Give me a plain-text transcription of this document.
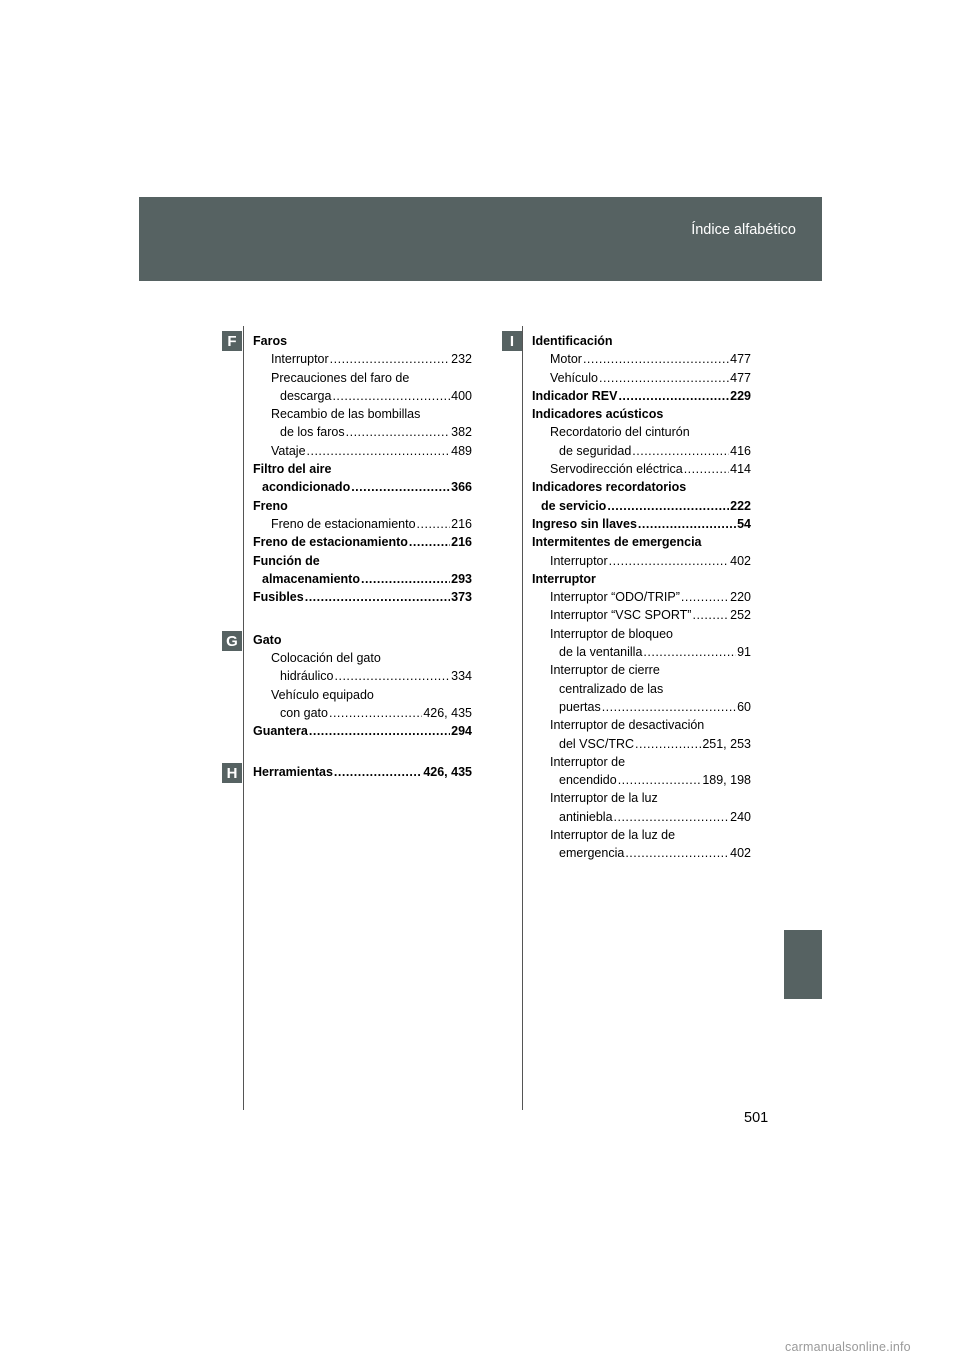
Índice alfabético
F
G
H
I
Faros
Interruptor .....	232
Precauciones del faro de
descarga .....	400
Recambio de las bombillas
de los faros .....	382
Vataje .....	489
Filtro del aire
acondicionado .....	366
Freno
Freno de estacionamiento .....	216
Freno de estacionamiento .....	216
Función de
almacenamiento .....	293
Fusibles .....	373
Gato
Colocación del gato
hidráulico .....	334
Vehículo equipado
con gato .....	426, 435
Guantera .....	294
Herramientas .....	426, 435
Identificación
Motor .....	477
Vehículo .....	477
Indicador REV .....	229
Indicadores acústicos
Recordatorio del cinturón
de seguridad .....	416
Servodirección eléctrica .....	414
Indicadores recordatorios
de servicio .....	222
Ingreso sin llaves .....	54
Intermitentes de emergencia
Interruptor .....	402
Interruptor
Interruptor “ODO/TRIP” .....	220
Interruptor “VSC SPORT” .....	252
Interruptor de bloqueo
de la ventanilla .....	91
Interruptor de cierre
centralizado de las
puertas .....	60
Interruptor de desactivación
del VSC/TRC .....	251, 253
Interruptor de
encendido .....	189, 198
Interruptor de la luz
antiniebla .....	240
Interruptor de la luz de
emergencia .....	402
501
carmanualsonline.info
